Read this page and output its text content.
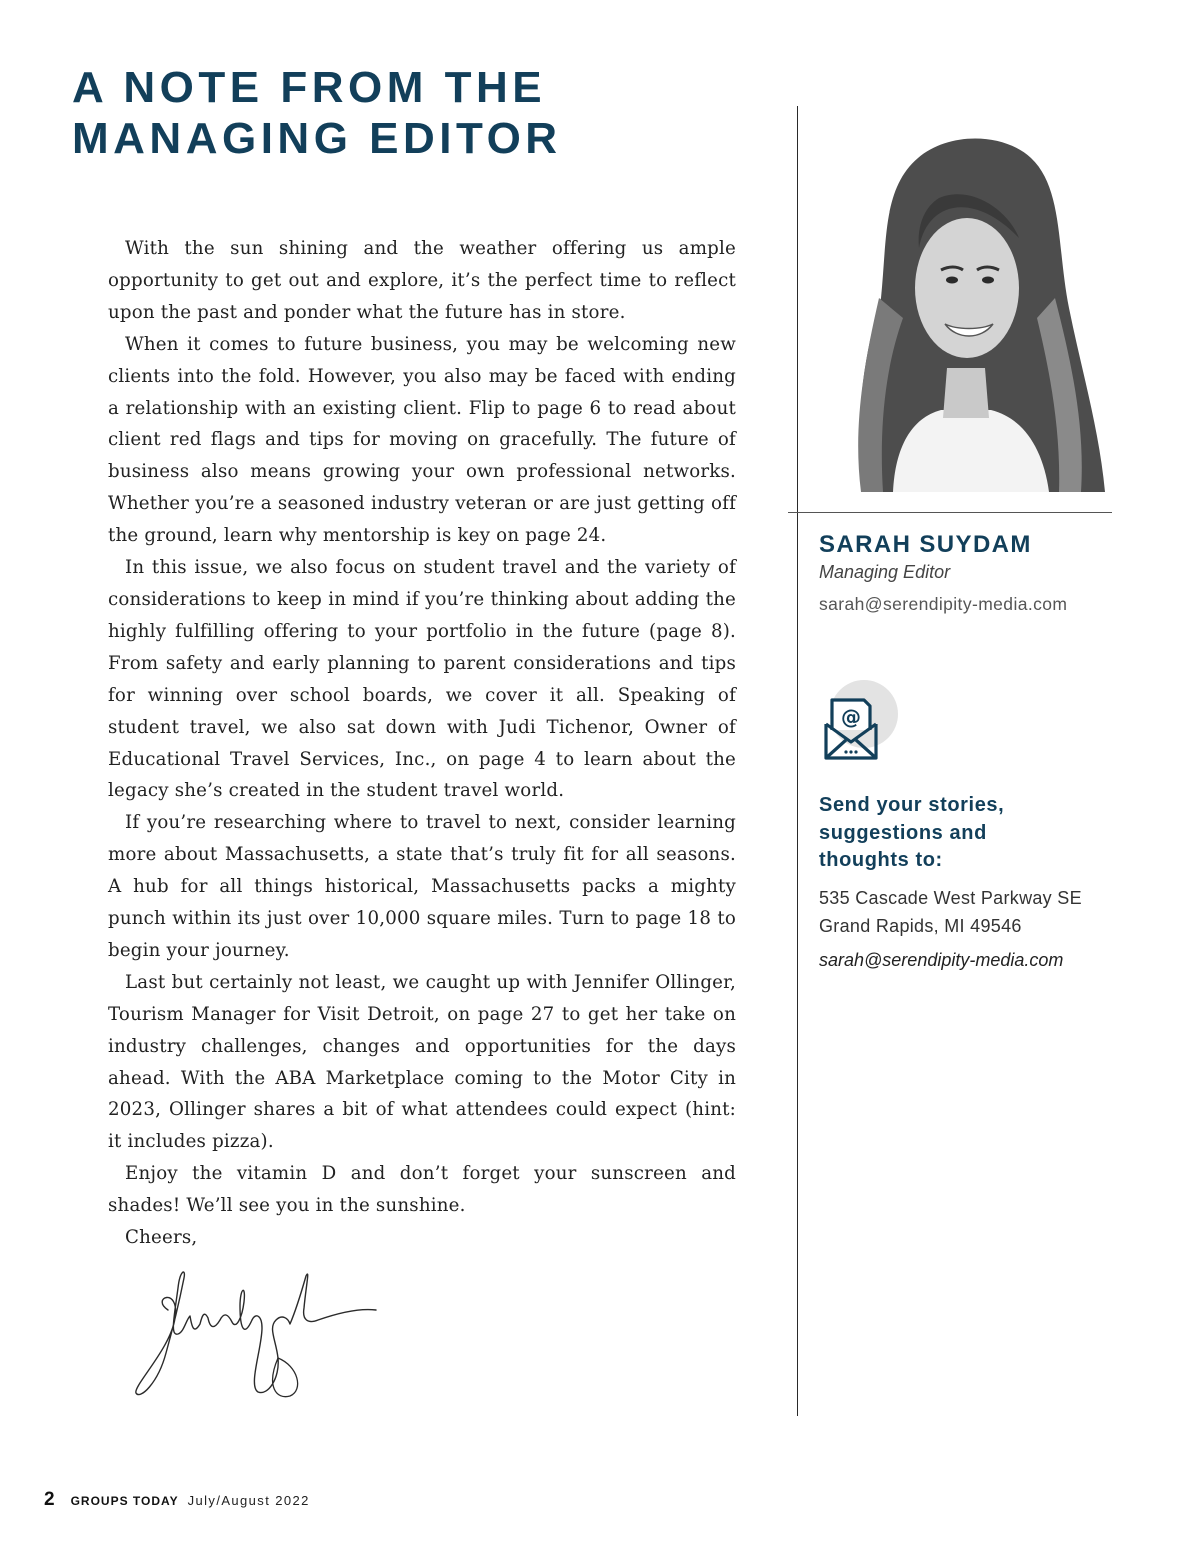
A NOTE FROM THE
MANAGING EDITOR

With the sun shining and the weather offering us ample opportunity to get out and explore, it’s the perfect time to reflect upon the past and ponder what the future has in store.

When it comes to future business, you may be welcoming new clients into the fold. However, you also may be faced with ending a relationship with an existing client. Flip to page 6 to read about client red flags and tips for moving on gracefully. The future of business also means growing your own professional networks. Whether you’re a seasoned industry veteran or are just getting off the ground, learn why mentorship is key on page 24.

In this issue, we also focus on student travel and the variety of considerations to keep in mind if you’re thinking about adding the highly fulfilling offering to your portfolio in the future (page 8). From safety and early planning to parent considerations and tips for winning over school boards, we cover it all. Speaking of student travel, we also sat down with Judi Tichenor, Owner of Educational Travel Services, Inc., on page 4 to learn about the legacy she’s created in the student travel world.

If you’re researching where to travel to next, consider learning more about Massachusetts, a state that’s truly fit for all seasons. A hub for all things historical, Massachusetts packs a mighty punch within its just over 10,000 square miles. Turn to page 18 to begin your journey.

Last but certainly not least, we caught up with Jennifer Ollinger, Tourism Manager for Visit Detroit, on page 27 to get her take on industry challenges, changes and opportunities for the days ahead. With the ABA Marketplace coming to the Motor City in 2023, Ollinger shares a bit of what attendees could expect (hint: it includes pizza).

Enjoy the vitamin D and don’t forget your sunscreen and shades! We’ll see you in the sunshine.

Cheers,

SARAH SUYDAM
Managing Editor
sarah@serendipity-media.com
@
Send your stories, suggestions and thoughts to:
535 Cascade West Parkway SE
Grand Rapids, MI 49546
sarah@serendipity-media.com
2 GROUPS TODAY July/August 2022
